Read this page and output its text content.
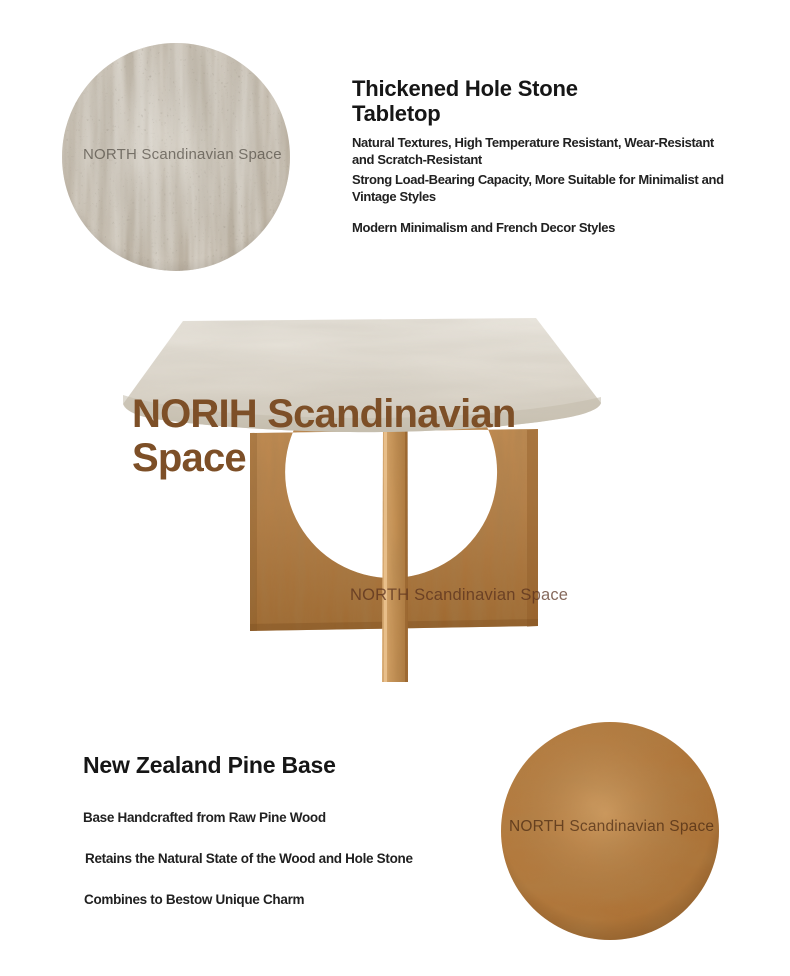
NORTH Scandinavian Space
Thickened Hole Stone
Tabletop
Natural Textures, High Temperature Resistant, Wear-Resistant
and Scratch-Resistant
Strong Load-Bearing Capacity, More Suitable for Minimalist and
Vintage Styles
Modern Minimalism and French Decor Styles
NORIH Scandinavian
Space
NORTH Scandinavian Space
New Zealand Pine Base
Base Handcrafted from Raw Pine Wood
Retains the Natural State of the Wood and Hole Stone
Combines to Bestow Unique Charm
NORTH Scandinavian Space
